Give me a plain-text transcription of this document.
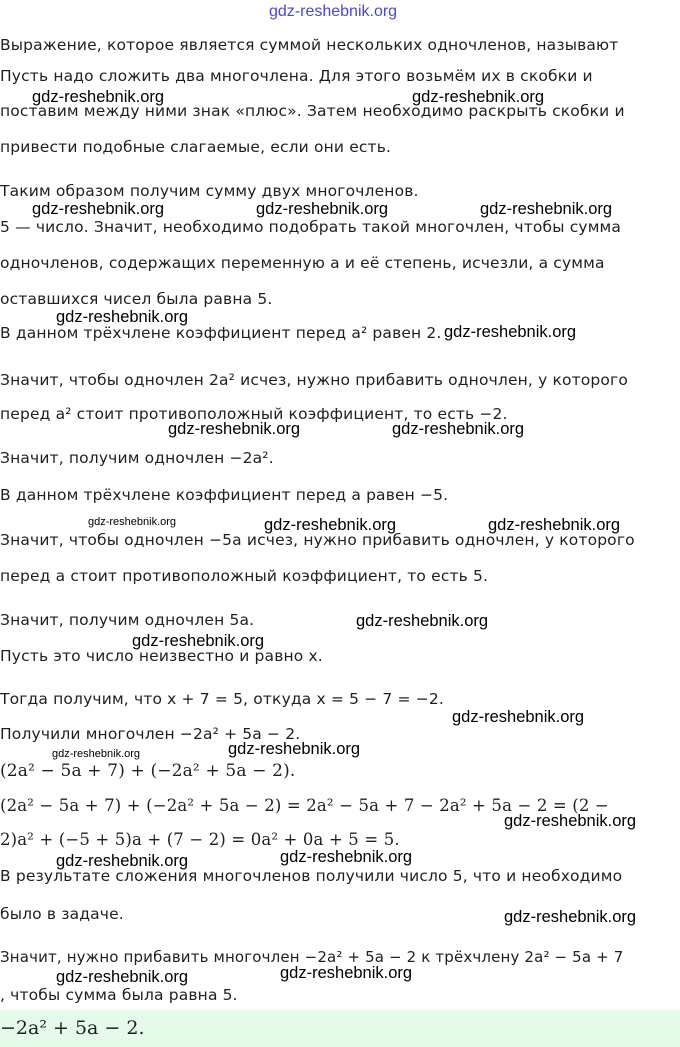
gdz-reshebnik.org
Выражение, которое является суммой нескольких одночленов, называют
Пусть надо сложить два многочлена. Для этого возьмём их в скобки и
поставим между ними знак «плюс». Затем необходимо раскрыть скобки и
привести подобные слагаемые, если они есть.
Таким образом получим сумму двух многочленов.
5 — число. Значит, необходимо подобрать такой многочлен, чтобы сумма
одночленов, содержащих переменную a и её степень, исчезли, а сумма
оставшихся чисел была равна 5.
В данном трёхчлене коэффициент перед a² равен 2.
Значит, чтобы одночлен 2a² исчез, нужно прибавить одночлен, у которого
перед a² стоит противоположный коэффициент, то есть −2.
Значит, получим одночлен −2a².
В данном трёхчлене коэффициент перед a равен −5.
Значит, чтобы одночлен −5a исчез, нужно прибавить одночлен, у которого
перед a стоит противоположный коэффициент, то есть 5.
Значит, получим одночлен 5a.
Пусть это число неизвестно и равно x.
Тогда получим, что x + 7 = 5, откуда x = 5 − 7 = −2.
Получили многочлен −2a² + 5a − 2.
(2a² − 5a + 7) + (−2a² + 5a − 2).
(2a² − 5a + 7) + (−2a² + 5a − 2) = 2a² − 5a + 7 − 2a² + 5a − 2 = (2 −
2)a² + (−5 + 5)a + (7 − 2) = 0a² + 0a + 5 = 5.
В результате сложения многочленов получили число 5, что и необходимо
было в задаче.
Значит, нужно прибавить многочлен −2a² + 5a − 2 к трёхчлену 2a² − 5a + 7
, чтобы сумма была равна 5.
−2a² + 5a − 2.
gdz-reshebnik.org	gdz-reshebnik.org
gdz-reshebnik.org	gdz-reshebnik.org	gdz-reshebnik.org
gdz-reshebnik.org
gdz-reshebnik.org
gdz-reshebnik.org	gdz-reshebnik.org
gdz-reshebnik.org	gdz-reshebnik.org	gdz-reshebnik.org
gdz-reshebnik.org
gdz-reshebnik.org
gdz-reshebnik.org
gdz-reshebnik.org	gdz-reshebnik.org
gdz-reshebnik.org
gdz-reshebnik.org	gdz-reshebnik.org
gdz-reshebnik.org
gdz-reshebnik.org	gdz-reshebnik.org
